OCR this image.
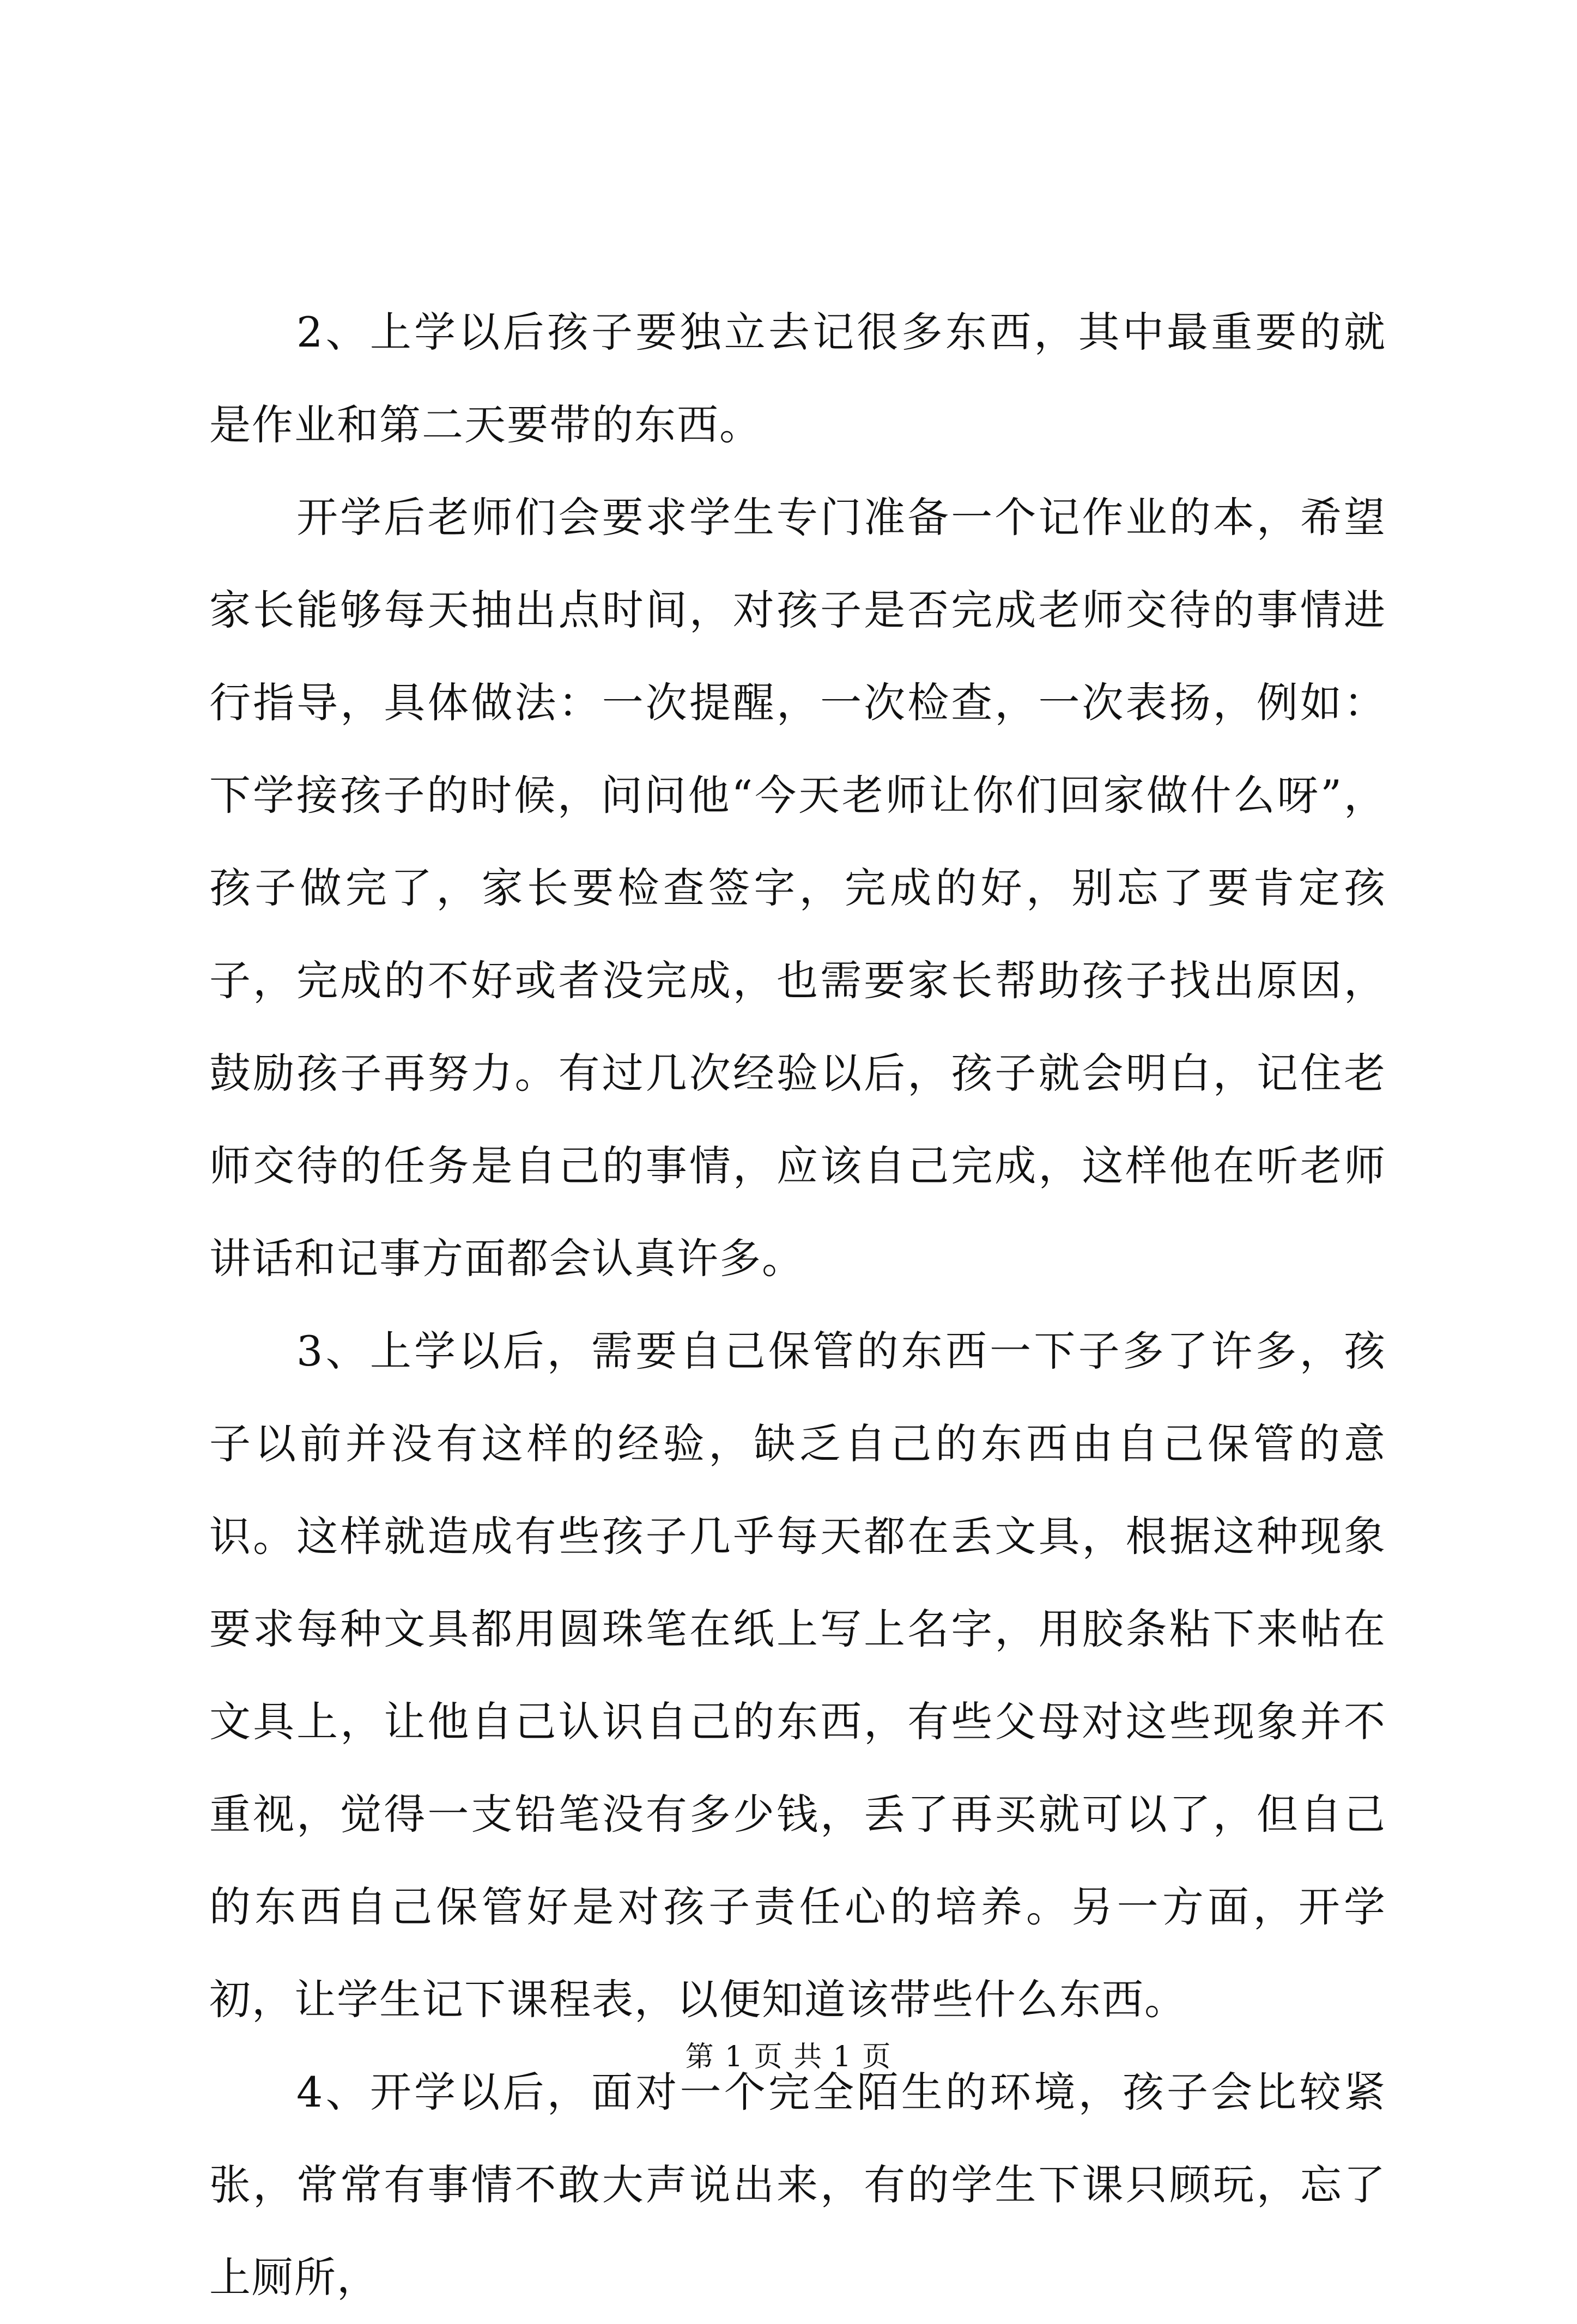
2、上学以后孩子要独立去记很多东西，其中最重要的就是作业和第二天要带的东西。

开学后老师们会要求学生专门准备一个记作业的本，希望家长能够每天抽出点时间，对孩子是否完成老师交待的事情进行指导，具体做法：一次提醒，一次检查，一次表扬，例如：下学接孩子的时候，问问他“今天老师让你们回家做什么呀”，孩子做完了，家长要检查签字，完成的好，别忘了要肯定孩子，完成的不好或者没完成，也需要家长帮助孩子找出原因，鼓励孩子再努力。有过几次经验以后，孩子就会明白，记住老师交待的任务是自己的事情，应该自己完成，这样他在听老师讲话和记事方面都会认真许多。

3、上学以后，需要自己保管的东西一下子多了许多，孩子以前并没有这样的经验，缺乏自己的东西由自己保管的意识。这样就造成有些孩子几乎每天都在丢文具，根据这种现象要求每种文具都用圆珠笔在纸上写上名字，用胶条粘下来帖在文具上，让他自己认识自己的东西，有些父母对这些现象并不重视，觉得一支铅笔没有多少钱，丢了再买就可以了，但自己的东西自己保管好是对孩子责任心的培养。另一方面，开学初，让学生记下课程表，以便知道该带些什么东西。

4、开学以后，面对一个完全陌生的环境，孩子会比较紧张，常常有事情不敢大声说出来，有的学生下课只顾玩，忘了上厕所，

第 1 页 共 1 页
